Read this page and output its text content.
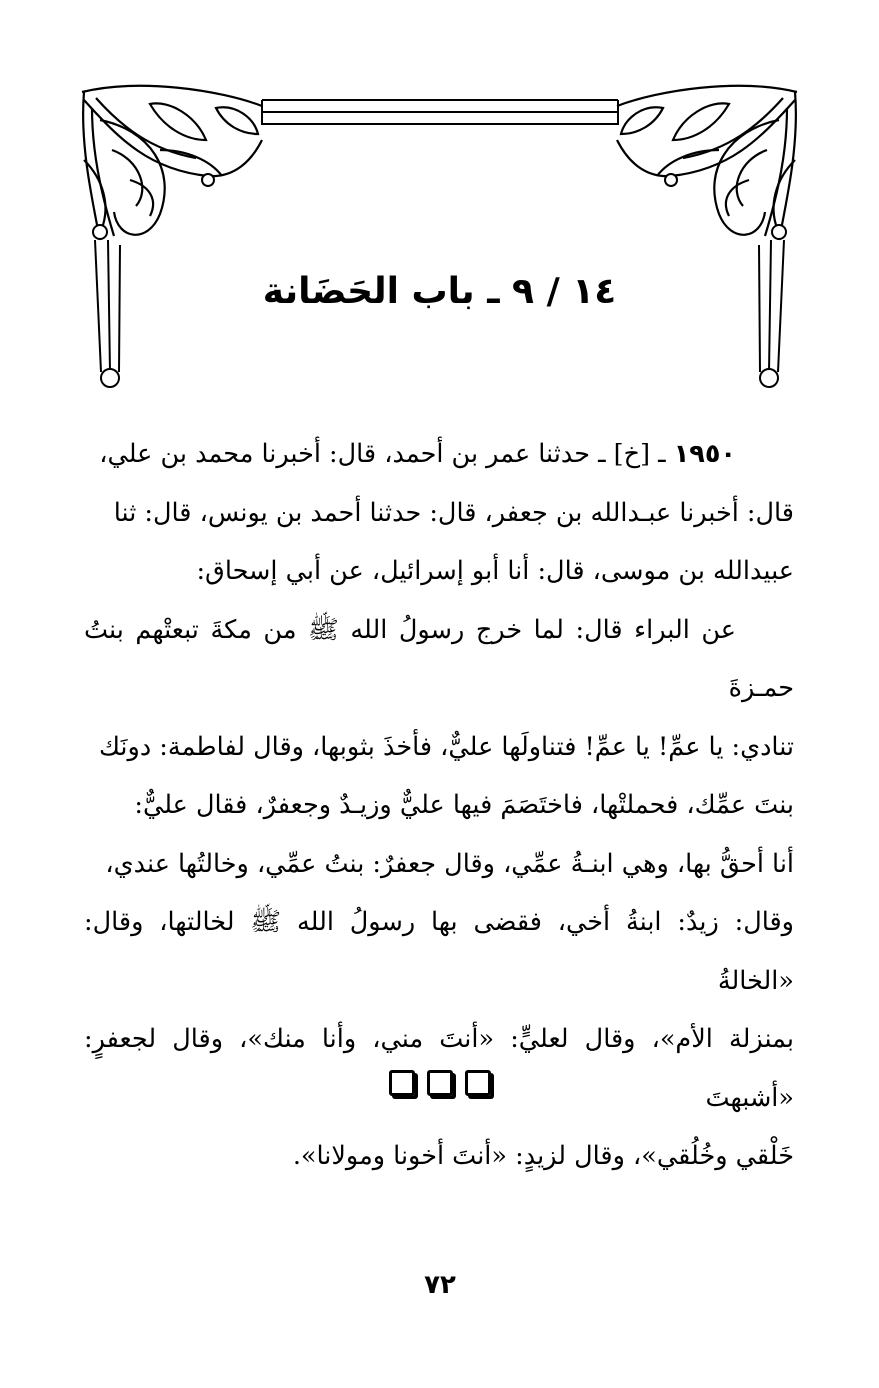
١٤ / ٩ ـ باب الحَضَانة

١٩٥٠ ـ [خ] ـ حدثنا عمر بن أحمد، قال: أخبرنا محمد بن علي،

قال: أخبرنا عبـدالله بن جعفر، قال: حدثنا أحمد بن يونس، قال: ثنا

عبيدالله بن موسى، قال: أنا أبو إسرائيل، عن أبي إسحاق:

عن البراء قال: لما خرج رسولُ الله ﷺ من مكةَ تبعتْهم بنتُ حمـزةَ

تنادي: يا عمِّ! يا عمِّ! فتناولَها عليٌّ، فأخذَ بثوبها، وقال لفاطمة: دونَك

بنتَ عمِّك، فحملتْها، فاختَصَمَ فيها عليٌّ وزيـدٌ وجعفرٌ، فقال عليٌّ:

أنا أحقُّ بها، وهي ابنـةُ عمِّي، وقال جعفرٌ: بنتُ عمِّي، وخالتُها عندي،

وقال: زيدٌ: ابنةُ أخي، فقضى بها رسولُ الله ﷺ لخالتها، وقال: «الخالةُ

بمنزلة الأم»، وقال لعليٍّ: «أنتَ مني، وأنا منك»، وقال لجعفرٍ: «أشبهتَ

خَلْقي وخُلُقي»، وقال لزيدٍ: «أنتَ أخونا ومولانا».

٧٢
